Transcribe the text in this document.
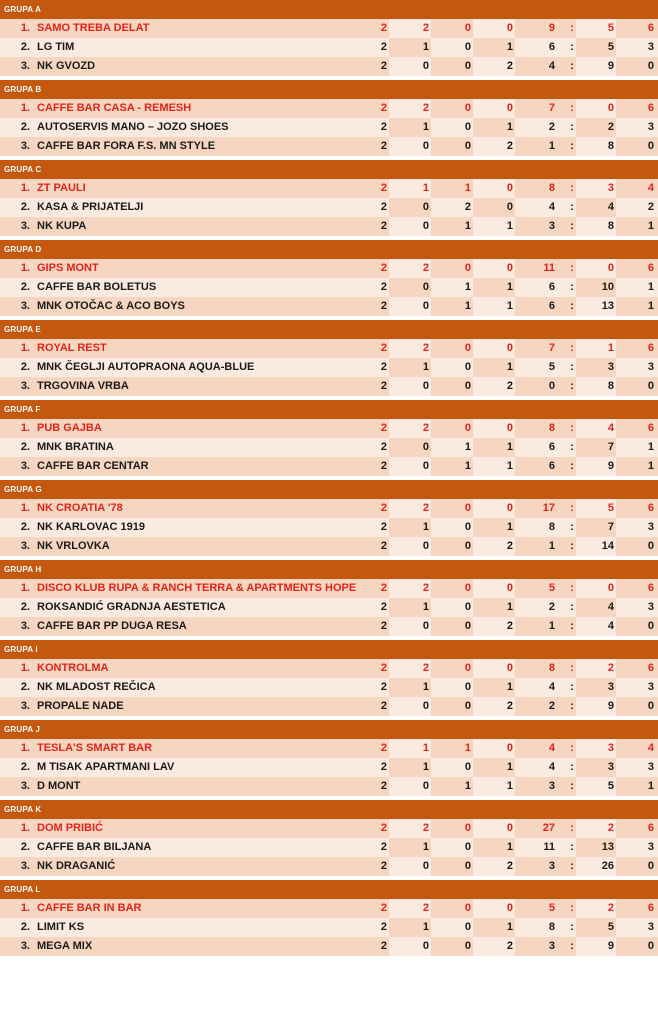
GRUPA A
1. SAMO TREBA DELAT	2	2	0	0	9 :	5	6
2. LG TIM	2	1	0	1	6 :	5	3
3. NK GVOZD	2	0	0	2	4 :	9	0
GRUPA B
1. CAFFE BAR CASA - REMESH	2	2	0	0	7 :	0	6
2. AUTOSERVIS MANO – JOZO SHOES	2	1	0	1	2 :	2	3
3. CAFFE BAR FORA F.S. MN STYLE	2	0	0	2	1 :	8	0
GRUPA C
1. ZT PAULI	2	1	1	0	8 :	3	4
2. KASA & PRIJATELJI	2	0	2	0	4 :	4	2
3. NK KUPA	2	0	1	1	3 :	8	1
GRUPA D
1. GIPS MONT	2	2	0	0	11 :	0	6
2. CAFFE BAR BOLETUS	2	0	1	1	6 :	10	1
3. MNK OTOČAC & ACO BOYS	2	0	1	1	6 :	13	1
GRUPA E
1. ROYAL REST	2	2	0	0	7 :	1	6
2. MNK ČEGLJI AUTOPRAONA AQUA-BLUE	2	1	0	1	5 :	3	3
3. TRGOVINA VRBA	2	0	0	2	0 :	8	0
GRUPA F
1. PUB GAJBA	2	2	0	0	8 :	4	6
2. MNK BRATINA	2	0	1	1	6 :	7	1
3. CAFFE BAR CENTAR	2	0	1	1	6 :	9	1
GRUPA G
1. NK CROATIA '78	2	2	0	0	17 :	5	6
2. NK KARLOVAC 1919	2	1	0	1	8 :	7	3
3. NK VRLOVKA	2	0	0	2	1 :	14	0
GRUPA H
1. DISCO KLUB RUPA & RANCH TERRA & APARTMENTS HOPE	2	2	0	0	5 :	0	6
2. ROKSANDIĆ GRADNJA AESTETICA	2	1	0	1	2 :	4	3
3. CAFFE BAR PP DUGA RESA	2	0	0	2	1 :	4	0
GRUPA I
1. KONTROLMA	2	2	0	0	8 :	2	6
2. NK MLADOST REČICA	2	1	0	1	4 :	3	3
3. PROPALE NADE	2	0	0	2	2 :	9	0
GRUPA J
1. TESLA'S SMART BAR	2	1	1	0	4 :	3	4
2. M TISAK APARTMANI LAV	2	1	0	1	4 :	3	3
3. D MONT	2	0	1	1	3 :	5	1
GRUPA K
1. DOM PRIBIĆ	2	2	0	0	27 :	2	6
2. CAFFE BAR BILJANA	2	1	0	1	11 :	13	3
3. NK DRAGANIĆ	2	0	0	2	3 :	26	0
GRUPA L
1. CAFFE BAR IN BAR	2	2	0	0	5 :	2	6
2. LIMIT KS	2	1	0	1	8 :	5	3
3. MEGA MIX	2	0	0	2	3 :	9	0
